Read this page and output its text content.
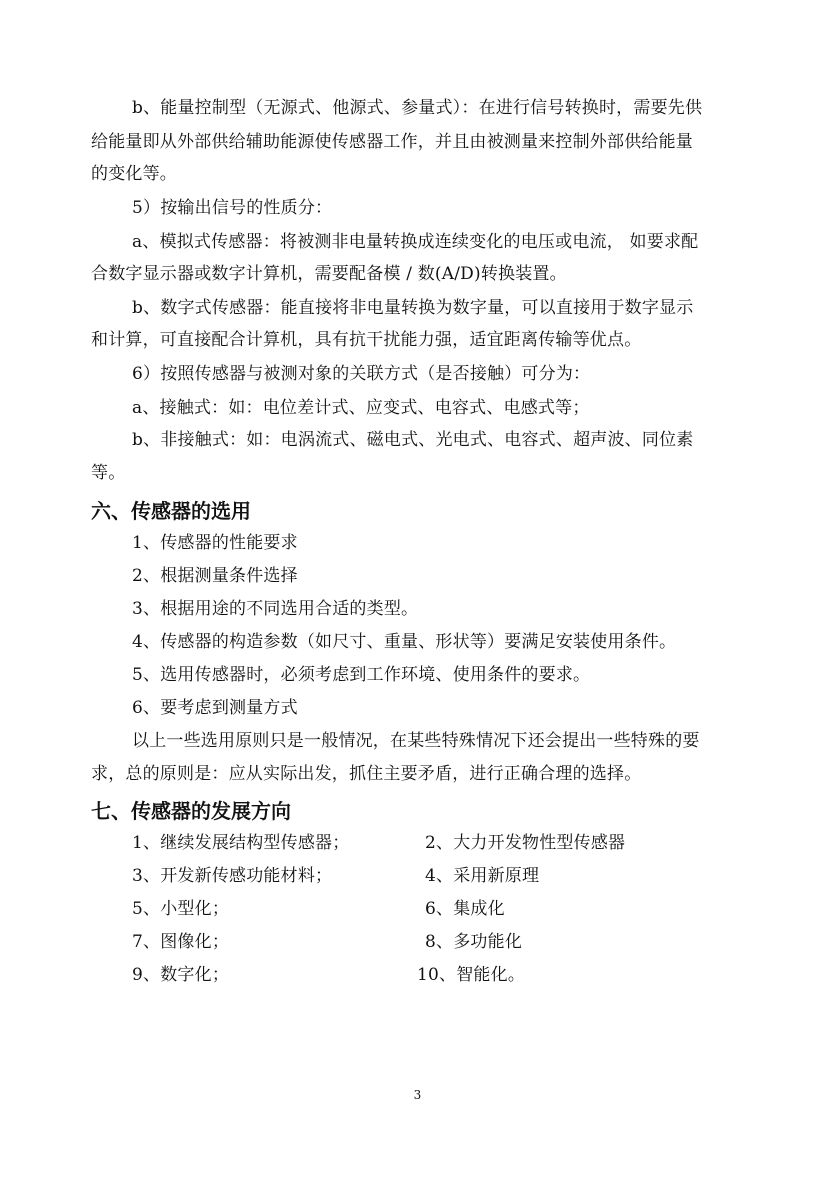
b、能量控制型（无源式、他源式、参量式）：在进行信号转换时，需要先供
给能量即从外部供给辅助能源使传感器工作，并且由被测量来控制外部供给能量
的变化等。
5）按输出信号的性质分：
a、模拟式传感器：将被测非电量转换成连续变化的电压或电流， 如要求配
合数字显示器或数字计算机，需要配备模 / 数(A/D)转换装置。
b、数字式传感器：能直接将非电量转换为数字量，可以直接用于数字显示
和计算，可直接配合计算机，具有抗干扰能力强，适宜距离传输等优点。
6）按照传感器与被测对象的关联方式（是否接触）可分为：
a、接触式：如：电位差计式、应变式、电容式、电感式等；
b、非接触式：如：电涡流式、磁电式、光电式、电容式、超声波、同位素
等。
六、传感器的选用
1、传感器的性能要求
2、根据测量条件选择
3、根据用途的不同选用合适的类型。
4、传感器的构造参数（如尺寸、重量、形状等）要满足安装使用条件。
5、选用传感器时，必须考虑到工作环境、使用条件的要求。
6、要考虑到测量方式
以上一些选用原则只是一般情况，在某些特殊情况下还会提出一些特殊的要
求，总的原则是：应从实际出发，抓住主要矛盾，进行正确合理的选择。
七、传感器的发展方向
1、继续发展结构型传感器；	2、大力开发物性型传感器
3、开发新传感功能材料；	4、采用新原理
5、小型化；	6、集成化
7、图像化；	8、多功能化
9、数字化；	10、智能化。
3
